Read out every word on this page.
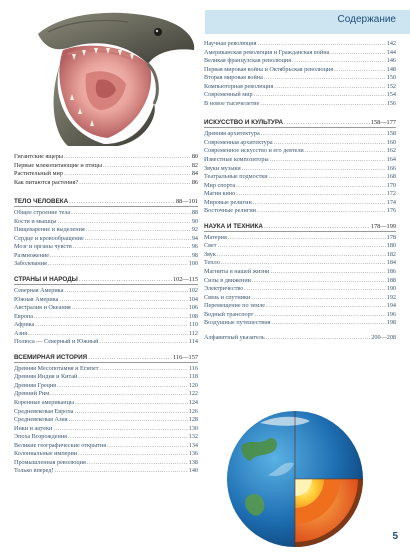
Содержание
Гигантские ящеры .....	80
Первые млекопитающие и птицы .....	82
Растительный мир .....	84
Как питаются растения? .....	86
ТЕЛО ЧЕЛОВЕКА .....	88—101
Общее строение тела .....	88
Кости и мышцы .....	90
Пищеварение и выделения .....	92
Сердце и кровообращение .....	94
Мозг и органы чувств .....	96
Размножение .....	98
Заболевания .....	100
СТРАНЫ И НАРОДЫ .....	102—115
Северная Америка .....	102
Южная Америка .....	104
Австралия и Океания .....	106
Европа .....	108
Африка .....	110
Азия .....	112
Полюса — Северный и Южный .....	114
ВСЕМИРНАЯ ИСТОРИЯ .....	116—157
Древняя Месопотамия и Египет .....	116
Древняя Индия и Китай .....	118
Древняя Греция .....	120
Древний Рим .....	122
Коренные американцы .....	124
Средневековая Европа .....	126
Средневековая Азия .....	128
Инки и ацтеки .....	130
Эпоха Возрождения .....	132
Великие географические открытия .....	134
Колониальные империи .....	136
Промышленная революция .....	138
Только вперед! .....	140
Научная революция .....	142
Американская революция и Гражданская война .....	144
Великая французская революция .....	146
Первая мировая война и Октябрьская революция .....	148
Вторая мировая война .....	150
Компьютерная революция .....	152
Современный мир .....	154
В новое тысячелетие .....	156
ИСКУССТВО И КУЛЬТУРА .....	158—177
Древняя архитектура .....	158
Современная архитектура .....	160
Современное искусство и его деятели .....	162
Известные композиторы .....	164
Звуки музыки .....	166
Театральные подмостки .....	168
Мир спорта .....	170
Магия кино .....	172
Мировые религии .....	174
Восточные религии .....	176
НАУКА И ТЕХНИКА .....	178—199
Материя .....	178
Свет .....	180
Звук .....	182
Тепло .....	184
Магниты в нашей жизни .....	186
Силы в движении .....	188
Электричество .....	190
Связь и спутники .....	192
Перемещение по земле .....	194
Водный транспорт .....	196
Воздушные путешествия .....	198
Алфавитный указатель .....	200—208
5
